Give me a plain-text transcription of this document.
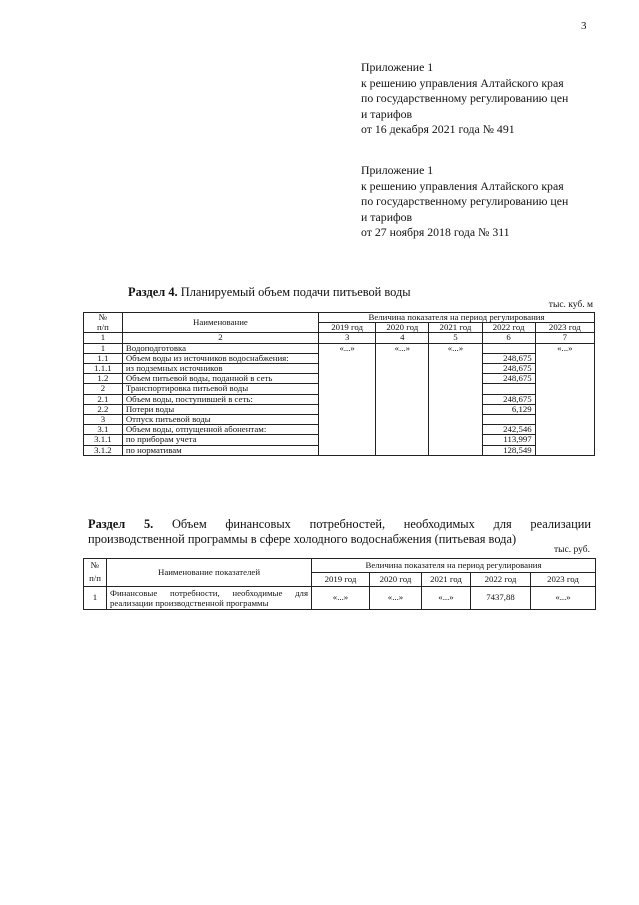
3
Приложение 1
к решению управления Алтайского края
по государственному регулированию цен
и тарифов
от 16 декабря 2021 года № 491
Приложение 1
к решению управления Алтайского края
по государственному регулированию цен
и тарифов
от 27 ноября 2018 года № 311
Раздел 4. Планируемый объем подачи питьевой воды
тыс. куб. м
№	Наименование	Величина показателя на период регулирования				
п/п		2019 год	2020 год	2021 год	2022 год	2023 год
1	2	3	4	5	6	7
1	Водоподготовка	«...»	«...»	«...»		«...»
1.1	Объем воды из источников водоснабжения:				248,675	
1.1.1	из подземных источников				248,675	
1.2	Объем питьевой воды, поданной в сеть				248,675	
2	Транспортировка питьевой воды					
2.1	Объем воды, поступившей в сеть:				248,675	
2.2	Потери воды				6,129	
3	Отпуск питьевой воды					
3.1	Объем воды, отпущенной абонентам:				242,546	
3.1.1	по приборам учета				113,997	
3.1.2	по нормативам				128,549	
Раздел 5. Объем финансовых потребностей, необходимых для реализации
производственной программы в сфере холодного водоснабжения (питьевая вода)
тыс. руб.
№	Наименование показателей	Величина показателя на период регулирования				
п/п		2019 год	2020 год	2021 год	2022 год	2023 год
1	Финансовые потребности, необходимые для реализации производственной программы	«...»	«...»	«...»	7437,88	«...»
